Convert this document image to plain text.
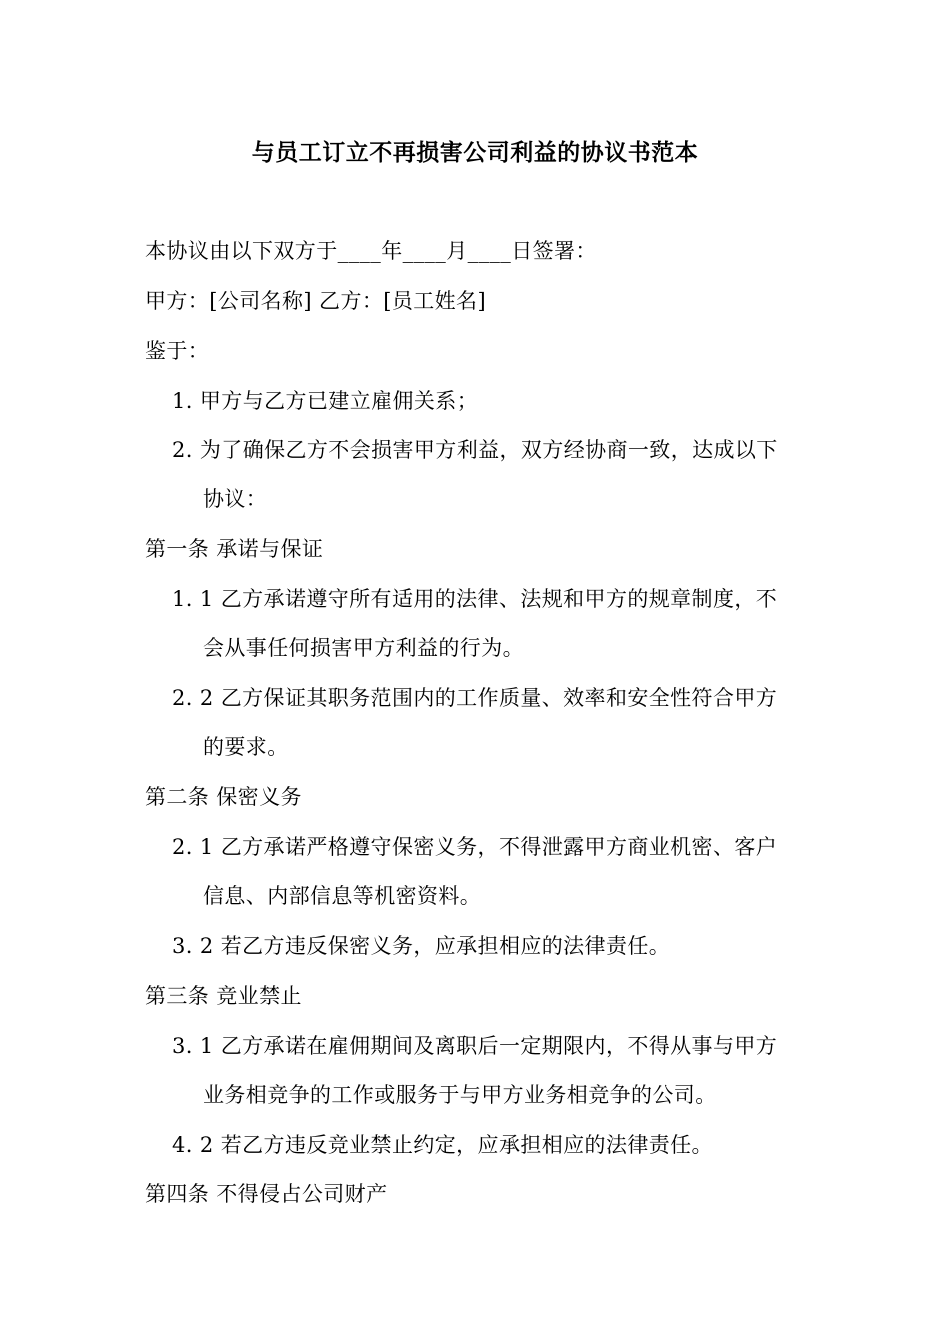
与员工订立不再损害公司利益的协议书范本
本协议由以下双方于____年____月____日签署：
甲方：[公司名称] 乙方：[员工姓名]
鉴于：
1. 甲方与乙方已建立雇佣关系；
2. 为了确保乙方不会损害甲方利益，双方经协商一致，达成以下
协议：
第一条 承诺与保证
1. 1 乙方承诺遵守所有适用的法律、法规和甲方的规章制度，不
会从事任何损害甲方利益的行为。
2. 2 乙方保证其职务范围内的工作质量、效率和安全性符合甲方
的要求。
第二条 保密义务
2. 1 乙方承诺严格遵守保密义务，不得泄露甲方商业机密、客户
信息、内部信息等机密资料。
3. 2 若乙方违反保密义务，应承担相应的法律责任。
第三条 竞业禁止
3. 1 乙方承诺在雇佣期间及离职后一定期限内，不得从事与甲方
业务相竞争的工作或服务于与甲方业务相竞争的公司。
4. 2 若乙方违反竞业禁止约定，应承担相应的法律责任。
第四条 不得侵占公司财产
